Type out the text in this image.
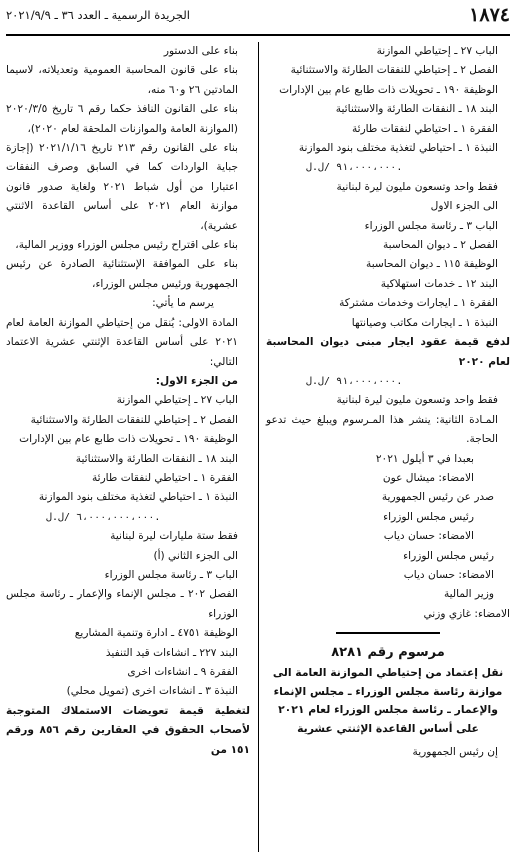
١٨٧٤
الجريدة الرسمية ـ العدد ٣٦ ـ ٢٠٢١/٩/٩

الباب ٢٧ ـ إحتياطي الموازنة

الفصل ٢ ـ إحتياطي للنفقات الطارئة والاستثنائية

الوظيفة ١٩٠ ـ تحويلات ذات طابع عام بين الإدارات

البند ١٨ ـ النفقات الطارئة والاستثنائية

الفقرة ١ ـ احتياطي لنفقات طارئة

النبذة ١ ـ احتياطي لتغذية مختلف بنود الموازنة

٩١،٠٠٠،٠٠٠ /ل.ل.

فقط واحد وتسعون مليون ليرة لبنانية

الى الجزء الاول

الباب ٣ ـ رئاسة مجلس الوزراء

الفصل ٢ ـ ديوان المحاسبة

الوظيفة ١١٥ ـ ديوان المحاسبة

البند ١٢ ـ خدمات استهلاكية

الفقرة ١ ـ ايجارات وخدمات مشتركة

النبذة ١ ـ ايجارات مكاتب وصيانتها

لدفع قيمة عقود ايجار مبنى ديوان المحاسبة لعام ٢٠٢٠

٩١،٠٠٠،٠٠٠ /ل.ل.

فقط واحد وتسعون مليون ليرة لبنانية

المـادة الثانية: ينشر هذا المـرسوم ويبلغ حيث تدعو الحاجة.

بعبدا في ٣ أيلول ٢٠٢١

الامضاء: ميشال عون

صدر عن رئيس الجمهورية

رئيس مجلس الوزراء

الامضاء: حسان دياب

رئيس مجلس الوزراء

الامضاء: حسان دياب

وزير المالية

الامضاء: غازي وزني

مرسوم رقم ٨٢٨١

نقل إعتماد من إحتياطي الموازنة العامة الى موازنة رئاسة مجلس الوزراء ـ مجلس الإنماء والإعمار ـ رئاسة مجلس الوزراء لعام ٢٠٢١ على أساس القاعدة الإثنتي عشرية

إن رئيس الجمهورية

بناء على الدستور

بناء على قانون المحاسبة العمومية وتعديلاته، لاسيما المادتين ٢٦ و٦٠ منه،

بناء على القانون النافذ حكما رقم ٦ تاريخ ٢٠٢٠/٣/٥ (الموازنة العامة والموازنات الملحقة لعام ٢٠٢٠)،

بناء على القانون رقم ٢١٣ تاريخ ٢٠٢١/١/١٦ (إجازة جباية الواردات كما في السابق وصرف النفقات اعتبارا من أول شباط ٢٠٢١ ولغاية صدور قانون موازنة العام ٢٠٢١ على أساس القاعدة الاثنتي عشرية)،

بناء على اقتراح رئيس مجلس الوزراء ووزير المالية،

بناء على الموافقة الإستثنائية الصادرة عن رئيس الجمهورية ورئيس مجلس الوزراء،

يرسم ما يأتي:

المادة الاولى: يُنقل من إحتياطي الموازنة العامة لعام ٢٠٢١ على أساس القاعدة الإثنتي عشرية الاعتماد التالي:

من الجزء الاول:

الباب ٢٧ ـ إحتياطي الموازنة

الفصل ٢ ـ إحتياطي للنفقات الطارئة والاستثنائية

الوظيفة ١٩٠ ـ تحويلات ذات طابع عام بين الإدارات

البند ١٨ ـ النفقات الطارئة والاستثنائية

الفقرة ١ ـ احتياطي لنفقات طارئة

النبذة ١ ـ احتياطي لتغذية مختلف بنود الموازنة

٦،٠٠٠،٠٠٠،٠٠٠ /ل.ل.

فقط ستة مليارات ليرة لبنانية

الى الجزء الثاني (أ)

الباب ٣ ـ رئاسة مجلس الوزراء

الفصل ٢٠٢ ـ مجلس الإنماء والإعمار ـ رئاسة مجلس الوزراء

الوظيفة ٤٧٥١ ـ ادارة وتنمية المشاريع

البند ٢٢٧ ـ انشاءات قيد التنفيذ

الفقرة ٩ ـ انشاءات اخرى

النبذة ٣ ـ انشاءات اخرى (تمويل محلي)

لتغطية قيمة تعويضات الاستملاك المتوجبة لأصحاب الحقوق في العقارين رقم ٨٥٦ ورقم ١٥١ من
